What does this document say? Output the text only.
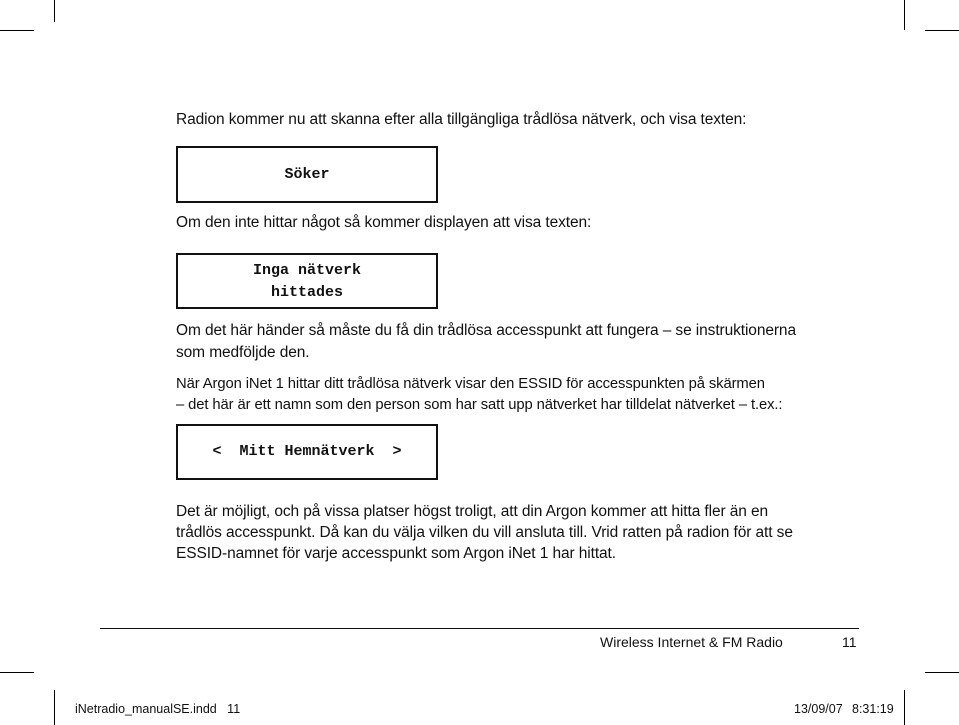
Radion kommer nu att skanna efter alla tillgängliga trådlösa nätverk, och visa texten:

Söker

Om den inte hittar något så kommer displayen att visa texten:

Inga nätverk
hittades

Om det här händer så måste du få din trådlösa accesspunkt att fungera – se instruktionerna

som medföljde den.

När Argon iNet 1 hittar ditt trådlösa nätverk visar den ESSID för accesspunkten på skärmen

– det här är ett namn som den person som har satt upp nätverket har tilldelat nätverket – t.ex.:

<  Mitt Hemnätverk  >

Det är möjligt, och på vissa platser högst troligt, att din Argon kommer att hitta fler än en

trådlös accesspunkt. Då kan du välja vilken du vill ansluta till. Vrid ratten på radion för att se

ESSID-namnet för varje accesspunkt som Argon iNet 1 har hittat.

Wireless Internet & FM Radio	11
iNetradio_manualSE.indd   11	13/09/07 8:31:19
